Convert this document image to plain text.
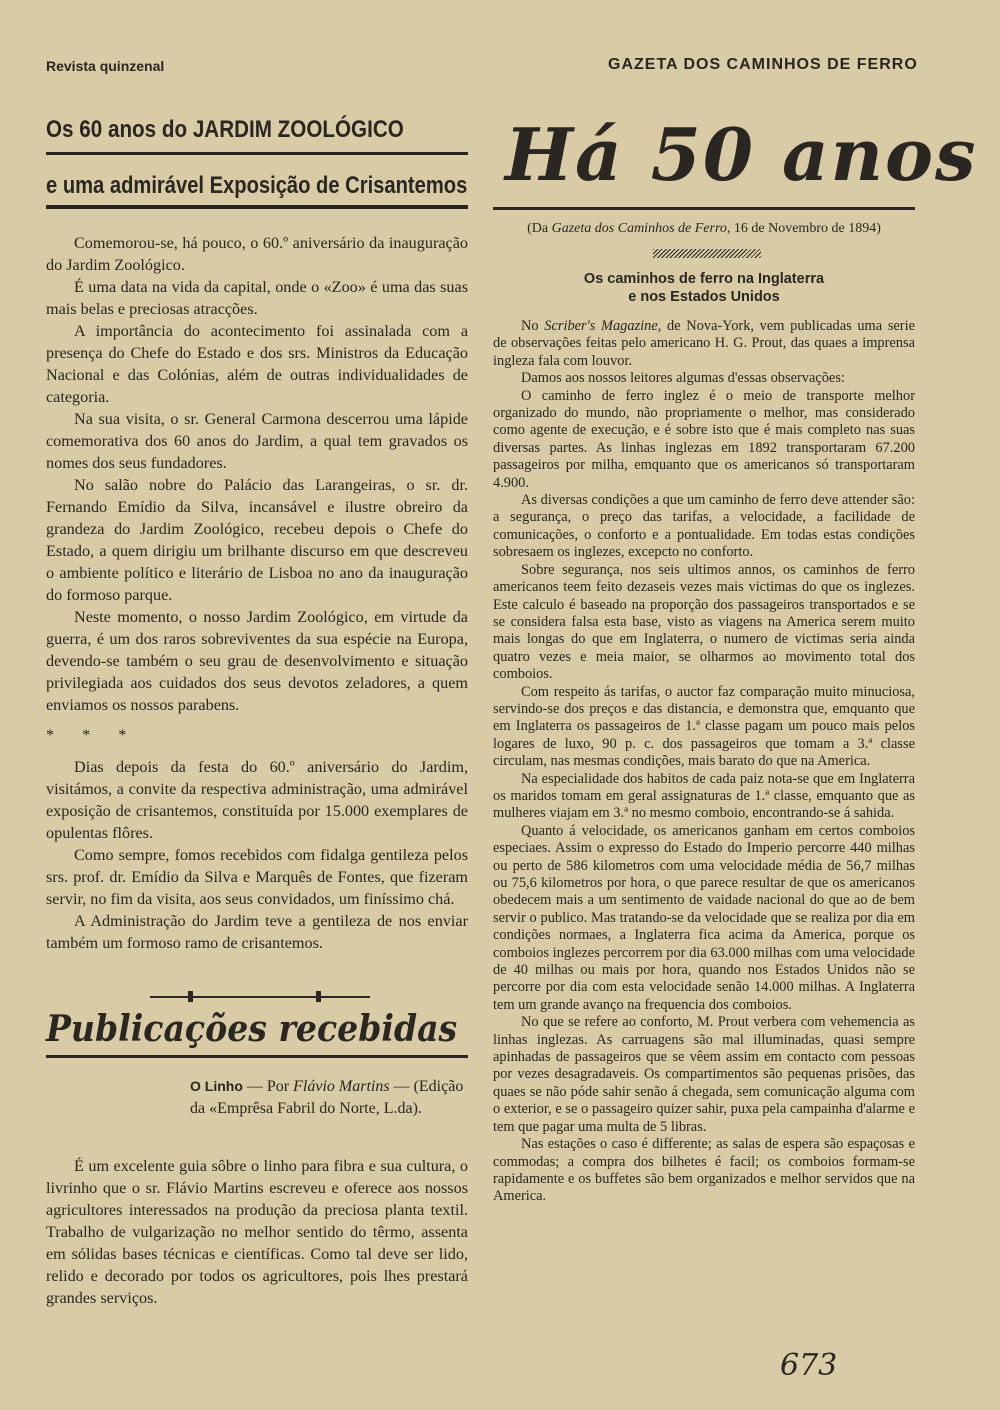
Revista quinzenal	GAZETA DOS CAMINHOS DE FERRO
Os 60 anos do JARDIM ZOOLÓGICO
e uma admirável Exposição de Crisantemos

Comemorou-se, há pouco, o 60.º aniversário da inauguração do Jardim Zoológico.

É uma data na vida da capital, onde o «Zoo» é uma das suas mais belas e preciosas atracções.

A importância do acontecimento foi assinalada com a presença do Chefe do Estado e dos srs. Ministros da Educação Nacional e das Colónias, além de outras individualidades de categoria.

Na sua visita, o sr. General Carmona descerrou uma lápide comemorativa dos 60 anos do Jardim, a qual tem gravados os nomes dos seus fundadores.

No salão nobre do Palácio das Larangeiras, o sr. dr. Fernando Emídio da Silva, incansável e ilustre obreiro da grandeza do Jardim Zoológico, recebeu depois o Chefe do Estado, a quem dirigiu um brilhante discurso em que descreveu o ambiente político e literário de Lisboa no ano da inauguração do formoso parque.

Neste momento, o nosso Jardim Zoológico, em virtude da guerra, é um dos raros sobreviventes da sua espécie na Europa, devendo-se também o seu grau de desenvolvimento e situação privilegiada aos cuidados dos seus devotos zeladores, a quem enviamos os nossos parabens.

* * *

Dias depois da festa do 60.º aniversário do Jardim, visitámos, a convite da respectiva administração, uma admirável exposição de crisantemos, constituída por 15.000 exemplares de opulentas flôres.

Como sempre, fomos recebidos com fidalga gentileza pelos srs. prof. dr. Emídio da Silva e Marquês de Fontes, que fizeram servir, no fim da visita, aos seus convidados, um finíssimo chá.

A Administração do Jardim teve a gentileza de nos enviar também um formoso ramo de crisantemos.

Publicações recebidas
O Linho — Por Flávio Martins — (Edição da «Emprêsa Fabril do Norte, L.da).

É um excelente guia sôbre o linho para fibra e sua cultura, o livrinho que o sr. Flávio Martins escreveu e oferece aos nossos agricultores interessados na produção da preciosa planta textil. Trabalho de vulgarização no melhor sentido do têrmo, assenta em sólidas bases técnicas e científicas. Como tal deve ser lido, relido e decorado por todos os agricultores, pois lhes prestará grandes serviços.

Há 50 anos
(Da Gazeta dos Caminhos de Ferro, 16 de Novembro de 1894)
Os caminhos de ferro na Inglaterra
e nos Estados Unidos

No Scriber's Magazine, de Nova-York, vem publicadas uma serie de observações feitas pelo americano H. G. Prout, das quaes a imprensa ingleza fala com louvor.

Damos aos nossos leitores algumas d'essas observações:

O caminho de ferro inglez é o meio de transporte melhor organizado do mundo, não propriamente o melhor, mas considerado como agente de execução, e é sobre isto que é mais completo nas suas diversas partes. As linhas inglezas em 1892 transportaram 67.200 passageiros por milha, emquanto que os americanos só transportaram 4.900.

As diversas condições a que um caminho de ferro deve attender são: a segurança, o preço das tarifas, a velocidade, a facilidade de comunicações, o conforto e a pontualidade. Em todas estas condições sobresaem os inglezes, excepcto no conforto.

Sobre segurança, nos seis ultimos annos, os caminhos de ferro americanos teem feito dezaseis vezes mais victimas do que os inglezes. Este calculo é baseado na proporção dos passageiros transportados e se se considera falsa esta base, visto as viagens na America serem muito mais longas do que em Inglaterra, o numero de victimas seria ainda quatro vezes e meia maior, se olharmos ao movimento total dos comboios.

Com respeito ás tarifas, o auctor faz comparação muito minuciosa, servindo-se dos preços e das distancia, e demonstra que, emquanto que em Inglaterra os passageiros de 1.ª classe pagam um pouco mais pelos logares de luxo, 90 p. c. dos passageiros que tomam a 3.ª classe circulam, nas mesmas condições, mais barato do que na America.

Na especialidade dos habitos de cada paiz nota-se que em Inglaterra os maridos tomam em geral assignaturas de 1.ª classe, emquanto que as mulheres viajam em 3.ª no mesmo comboio, encontrando-se á sahida.

Quanto á velocidade, os americanos ganham em certos comboios especiaes. Assim o expresso do Estado do Imperio percorre 440 milhas ou perto de 586 kilometros com uma velocidade média de 56,7 milhas ou 75,6 kilometros por hora, o que parece resultar de que os americanos obedecem mais a um sentimento de vaidade nacional do que ao de bem servir o publico. Mas tratando-se da velocidade que se realiza por dia em condições normaes, a Inglaterra fica acima da America, porque os comboios inglezes percorrem por dia 63.000 milhas com uma velocidade de 40 milhas ou mais por hora, quando nos Estados Unidos não se percorre por dia com esta velocidade senão 14.000 milhas. A Inglaterra tem um grande avanço na frequencia dos comboios.

No que se refere ao conforto, M. Prout verbera com vehemencia as linhas inglezas. As carruagens são mal illuminadas, quasi sempre apinhadas de passageiros que se vêem assim em contacto com pessoas por vezes desagradaveis. Os compartimentos são pequenas prisões, das quaes se não póde sahir senão á chegada, sem comunicação alguma com o exterior, e se o passageiro quizer sahir, puxa pela campainha d'alarme e tem que pagar uma multa de 5 libras.

Nas estações o caso é differente; as salas de espera são espaçosas e commodas; a compra dos bilhetes é facil; os comboios formam-se rapidamente e os buffetes são bem organizados e melhor servidos que na America.

673
